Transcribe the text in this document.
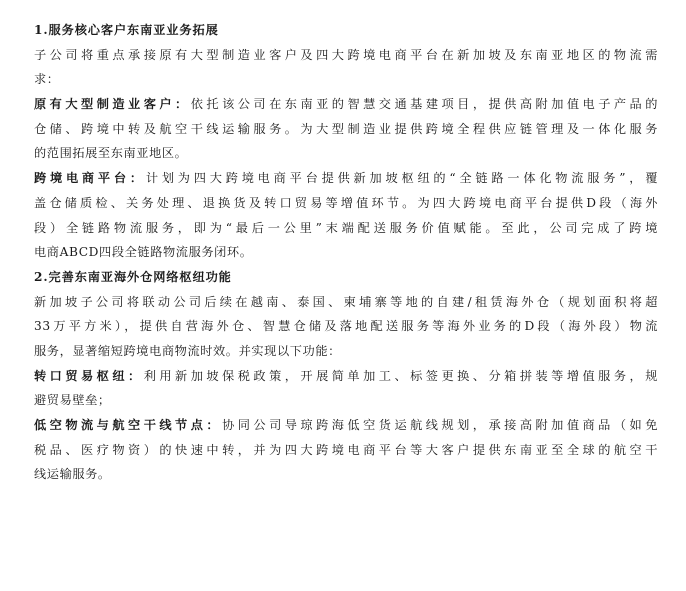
1.服务核心客户东南亚业务拓展
子公司将重点承接原有大型制造业客户及四大跨境电商平台在新加坡及东南亚地区的物流需
求：
原有大型制造业客户：依托该公司在东南亚的智慧交通基建项目，提供高附加值电子产品的
仓储、跨境中转及航空干线运输服务。为大型制造业提供跨境全程供应链管理及一体化服务
的范围拓展至东南亚地区。
跨境电商平台：计划为四大跨境电商平台提供新加坡枢纽的“全链路一体化物流服务”，覆
盖仓储质检、关务处理、退换货及转口贸易等增值环节。为四大跨境电商平台提供D段（海外
段）全链路物流服务，即为“最后一公里”末端配送服务价值赋能。至此，公司完成了跨境
电商ABCD四段全链路物流服务闭环。
2.完善东南亚海外仓网络枢纽功能
新加坡子公司将联动公司后续在越南、泰国、柬埔寨等地的自建/租赁海外仓（规划面积将超
33万平方米），提供自营海外仓、智慧仓储及落地配送服务等海外业务的D段（海外段）物流
服务，显著缩短跨境电商物流时效。并实现以下功能：
转口贸易枢纽：利用新加坡保税政策，开展简单加工、标签更换、分箱拼装等增值服务，规
避贸易壁垒；
低空物流与航空干线节点：协同公司导琼跨海低空货运航线规划，承接高附加值商品（如免
税品、医疗物资）的快速中转，并为四大跨境电商平台等大客户提供东南亚至全球的航空干
线运输服务。
